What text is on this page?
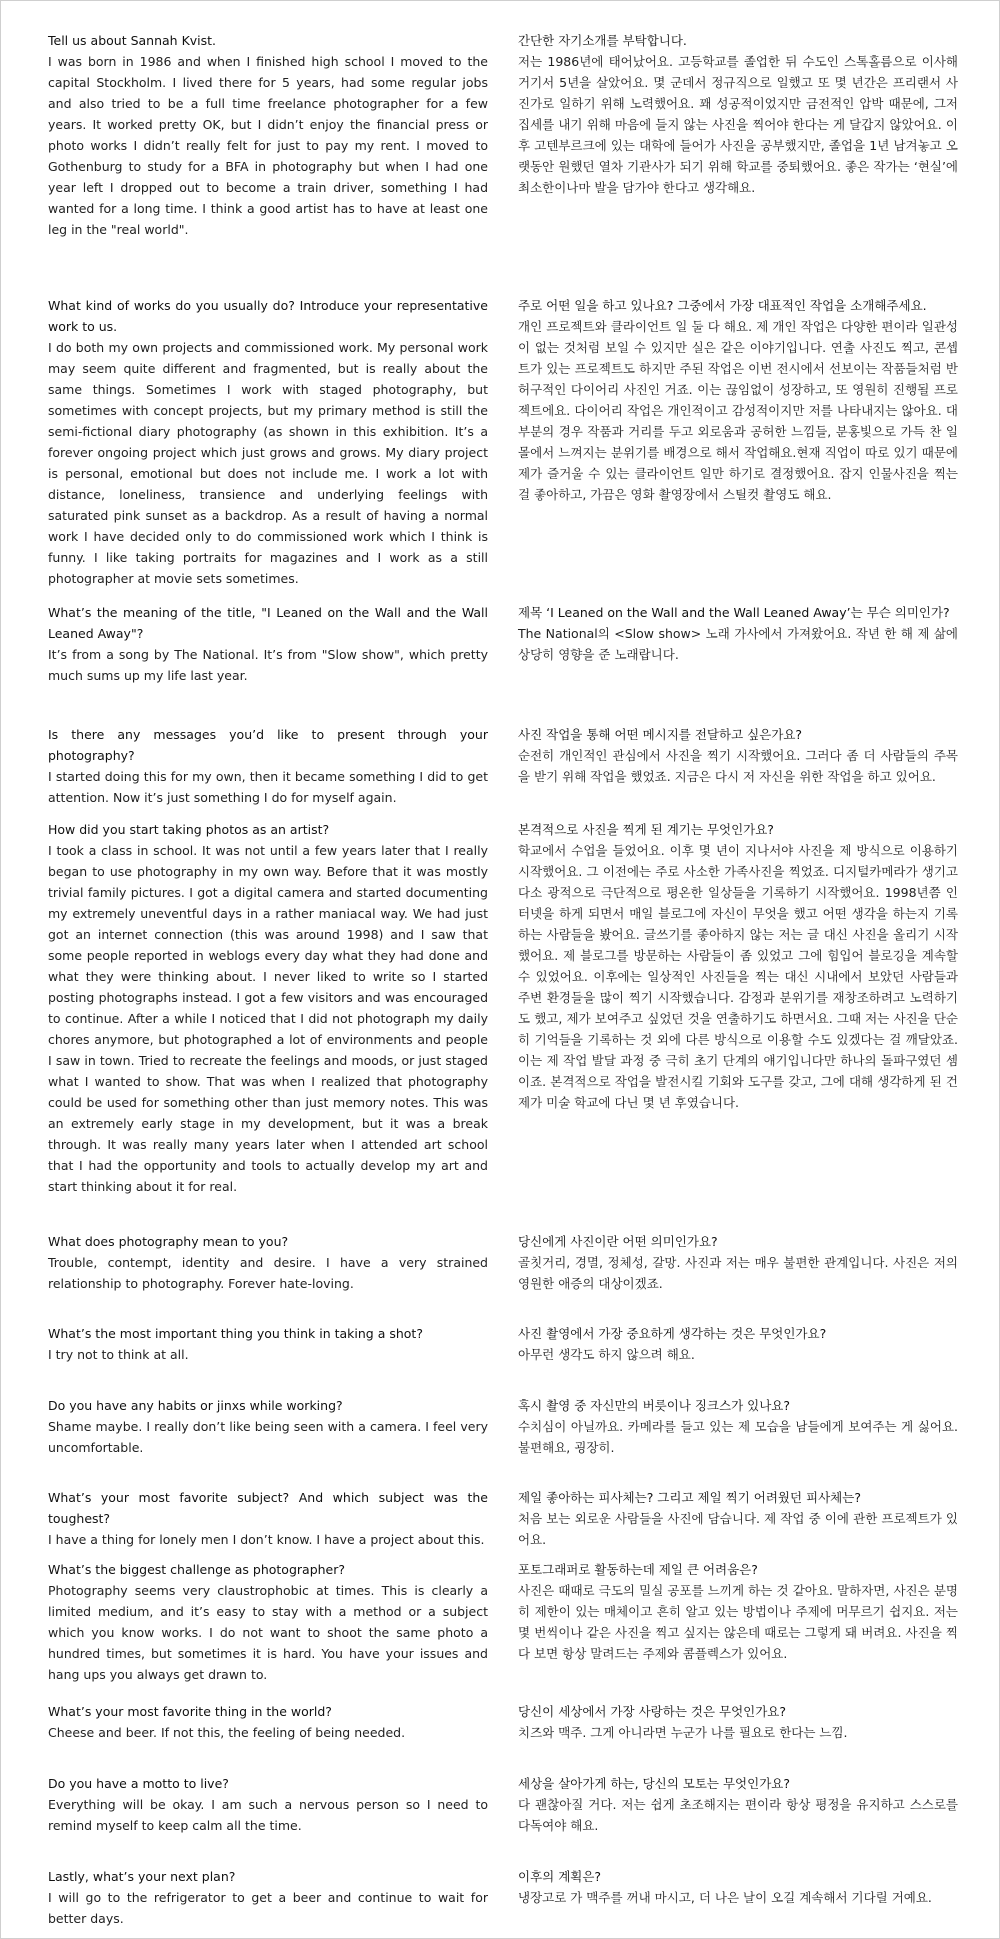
Tell us about Sannah Kvist.

I was born in 1986 and when I finished high school I moved to the capital Stockholm. I lived there for 5 years, had some regular jobs and also tried to be a full time freelance photographer for a few years. It worked pretty OK, but I didn’t enjoy the financial press or photo works I didn’t really felt for just to pay my rent. I moved to Gothenburg to study for a BFA in photography but when I had one year left I dropped out to become a train driver, something I had wanted for a long time. I think a good artist has to have at least one leg in the "real world".

간단한 자기소개를 부탁합니다.

저는 1986년에 태어났어요. 고등학교를 졸업한 뒤 수도인 스톡홀름으로 이사해 거기서 5년을 살았어요. 몇 군데서 정규직으로 일했고 또 몇 년간은 프리랜서 사진가로 일하기 위해 노력했어요. 꽤 성공적이었지만 금전적인 압박 때문에, 그저 집세를 내기 위해 마음에 들지 않는 사진을 찍어야 한다는 게 달갑지 않았어요. 이후 고텐부르크에 있는 대학에 들어가 사진을 공부했지만, 졸업을 1년 남겨놓고 오랫동안 원했던 열차 기관사가 되기 위해 학교를 중퇴했어요. 좋은 작가는 ‘현실’에 최소한이나마 발을 담가야 한다고 생각해요.

What kind of works do you usually do? Introduce your representative work to us.

I do both my own projects and commissioned work. My personal work may seem quite different and fragmented, but is really about the same things. Sometimes I work with staged photography, but sometimes with concept projects, but my primary method is still the semi-fictional diary photography (as shown in this exhibition. It’s a forever ongoing project which just grows and grows. My diary project is personal, emotional but does not include me. I work a lot with distance, loneliness, transience and underlying feelings with saturated pink sunset as a backdrop. As a result of having a normal work I have decided only to do commissioned work which I think is funny. I like taking portraits for magazines and I work as a still photographer at movie sets sometimes.

주로 어떤 일을 하고 있나요? 그중에서 가장 대표적인 작업을 소개해주세요.

개인 프로젝트와 클라이언트 일 둘 다 해요. 제 개인 작업은 다양한 편이라 일관성이 없는 것처럼 보일 수 있지만 실은 같은 이야기입니다. 연출 사진도 찍고, 콘셉트가 있는 프로젝트도 하지만 주된 작업은 이번 전시에서 선보이는 작품들처럼 반 허구적인 다이어리 사진인 거죠. 이는 끊임없이 성장하고, 또 영원히 진행될 프로젝트에요. 다이어리 작업은 개인적이고 감성적이지만 저를 나타내지는 않아요. 대부분의 경우 작품과 거리를 두고 외로움과 공허한 느낌들, 분홍빛으로 가득 찬 일몰에서 느껴지는 분위기를 배경으로 해서 작업해요.현재 직업이 따로 있기 때문에 제가 즐거울 수 있는 클라이언트 일만 하기로 결정했어요. 잡지 인물사진을 찍는 걸 좋아하고, 가끔은 영화 촬영장에서 스틸컷 촬영도 해요.

What’s the meaning of the title, "I Leaned on the Wall and the Wall Leaned Away"?

It’s from a song by The National. It’s from "Slow show", which pretty much sums up my life last year.

제목 ‘I Leaned on the Wall and the Wall Leaned Away’는 무슨 의미인가?

The National의 <Slow show> 노래 가사에서 가져왔어요. 작년 한 해 제 삶에 상당히 영향을 준 노래랍니다.

Is there any messages you’d like to present through your photography?

I started doing this for my own, then it became something I did to get attention. Now it’s just something I do for myself again.

사진 작업을 통해 어떤 메시지를 전달하고 싶은가요?

순전히 개인적인 관심에서 사진을 찍기 시작했어요. 그러다 좀 더 사람들의 주목을 받기 위해 작업을 했었죠. 지금은 다시 저 자신을 위한 작업을 하고 있어요.

How did you start taking photos as an artist?

I took a class in school. It was not until a few years later that I really began to use photography in my own way. Before that it was mostly trivial family pictures. I got a digital camera and started documenting my extremely uneventful days in a rather maniacal way. We had just got an internet connection (this was around 1998) and I saw that some people reported in weblogs every day what they had done and what they were thinking about. I never liked to write so I started posting photographs instead. I got a few visitors and was encouraged to continue. After a while I noticed that I did not photograph my daily chores anymore, but photographed a lot of environments and people I saw in town. Tried to recreate the feelings and moods, or just staged what I wanted to show. That was when I realized that photography could be used for something other than just memory notes. This was an extremely early stage in my development, but it was a break through. It was really many years later when I attended art school that I had the opportunity and tools to actually develop my art and start thinking about it for real.

본격적으로 사진을 찍게 된 계기는 무엇인가요?

학교에서 수업을 들었어요. 이후 몇 년이 지나서야 사진을 제 방식으로 이용하기 시작했어요. 그 이전에는 주로 사소한 가족사진을 찍었죠. 디지털카메라가 생기고 다소 광적으로 극단적으로 평온한 일상들을 기록하기 시작했어요. 1998년쯤 인터넷을 하게 되면서 매일 블로그에 자신이 무엇을 했고 어떤 생각을 하는지 기록하는 사람들을 봤어요. 글쓰기를 좋아하지 않는 저는 글 대신 사진을 올리기 시작했어요. 제 블로그를 방문하는 사람들이 좀 있었고 그에 힘입어 블로깅을 계속할 수 있었어요. 이후에는 일상적인 사진들을 찍는 대신 시내에서 보았던 사람들과 주변 환경들을 많이 찍기 시작했습니다. 감정과 분위기를 재창조하려고 노력하기도 했고, 제가 보여주고 싶었던 것을 연출하기도 하면서요. 그때 저는 사진을 단순히 기억들을 기록하는 것 외에 다른 방식으로 이용할 수도 있겠다는 걸 깨달았죠. 이는 제 작업 발달 과정 중 극히 초기 단계의 얘기입니다만 하나의 돌파구였던 셈이죠. 본격적으로 작업을 발전시킬 기회와 도구를 갖고, 그에 대해 생각하게 된 건 제가 미술 학교에 다닌 몇 년 후였습니다.

What does photography mean to you?

Trouble, contempt, identity and desire. I have a very strained relationship to photography. Forever hate-loving.

당신에게 사진이란 어떤 의미인가요?

골칫거리, 경멸, 정체성, 갈망. 사진과 저는 매우 불편한 관계입니다. 사진은 저의 영원한 애증의 대상이겠죠.

What’s the most important thing you think in taking a shot?

I try not to think at all.

사진 촬영에서 가장 중요하게 생각하는 것은 무엇인가요?

아무런 생각도 하지 않으려 해요.

Do you have any habits or jinxs while working?

Shame maybe. I really don’t like being seen with a camera. I feel very uncomfortable.

혹시 촬영 중 자신만의 버릇이나 징크스가 있나요?

수치심이 아닐까요. 카메라를 들고 있는 제 모습을 남들에게 보여주는 게 싫어요. 불편해요, 굉장히.

What’s your most favorite subject? And which subject was the toughest?

I have a thing for lonely men I don’t know. I have a project about this.

제일 좋아하는 피사체는? 그리고 제일 찍기 어려웠던 피사체는?

처음 보는 외로운 사람들을 사진에 담습니다. 제 작업 중 이에 관한 프로젝트가 있어요.

What’s the biggest challenge as photographer?

Photography seems very claustrophobic at times. This is clearly a limited medium, and it’s easy to stay with a method or a subject which you know works. I do not want to shoot the same photo a hundred times, but sometimes it is hard. You have your issues and hang ups you always get drawn to.

포토그래퍼로 활동하는데 제일 큰 어려움은?

사진은 때때로 극도의 밀실 공포를 느끼게 하는 것 같아요. 말하자면, 사진은 분명히 제한이 있는 매체이고 흔히 알고 있는 방법이나 주제에 머무르기 쉽지요. 저는 몇 번씩이나 같은 사진을 찍고 싶지는 않은데 때로는 그렇게 돼 버려요. 사진을 찍다 보면 항상 말려드는 주제와 콤플렉스가 있어요.

What’s your most favorite thing in the world?

Cheese and beer. If not this, the feeling of being needed.

당신이 세상에서 가장 사랑하는 것은 무엇인가요?

치즈와 맥주. 그게 아니라면 누군가 나를 필요로 한다는 느낌.

Do you have a motto to live?

Everything will be okay. I am such a nervous person so I need to remind myself to keep calm all the time.

세상을 살아가게 하는, 당신의 모토는 무엇인가요?

다 괜찮아질 거다. 저는 쉽게 초조해지는 편이라 항상 평정을 유지하고 스스로를 다독여야 해요.

Lastly, what’s your next plan?

I will go to the refrigerator to get a beer and continue to wait for better days.

이후의 계획은?

냉장고로 가 맥주를 꺼내 마시고, 더 나은 날이 오길 계속해서 기다릴 거예요.
